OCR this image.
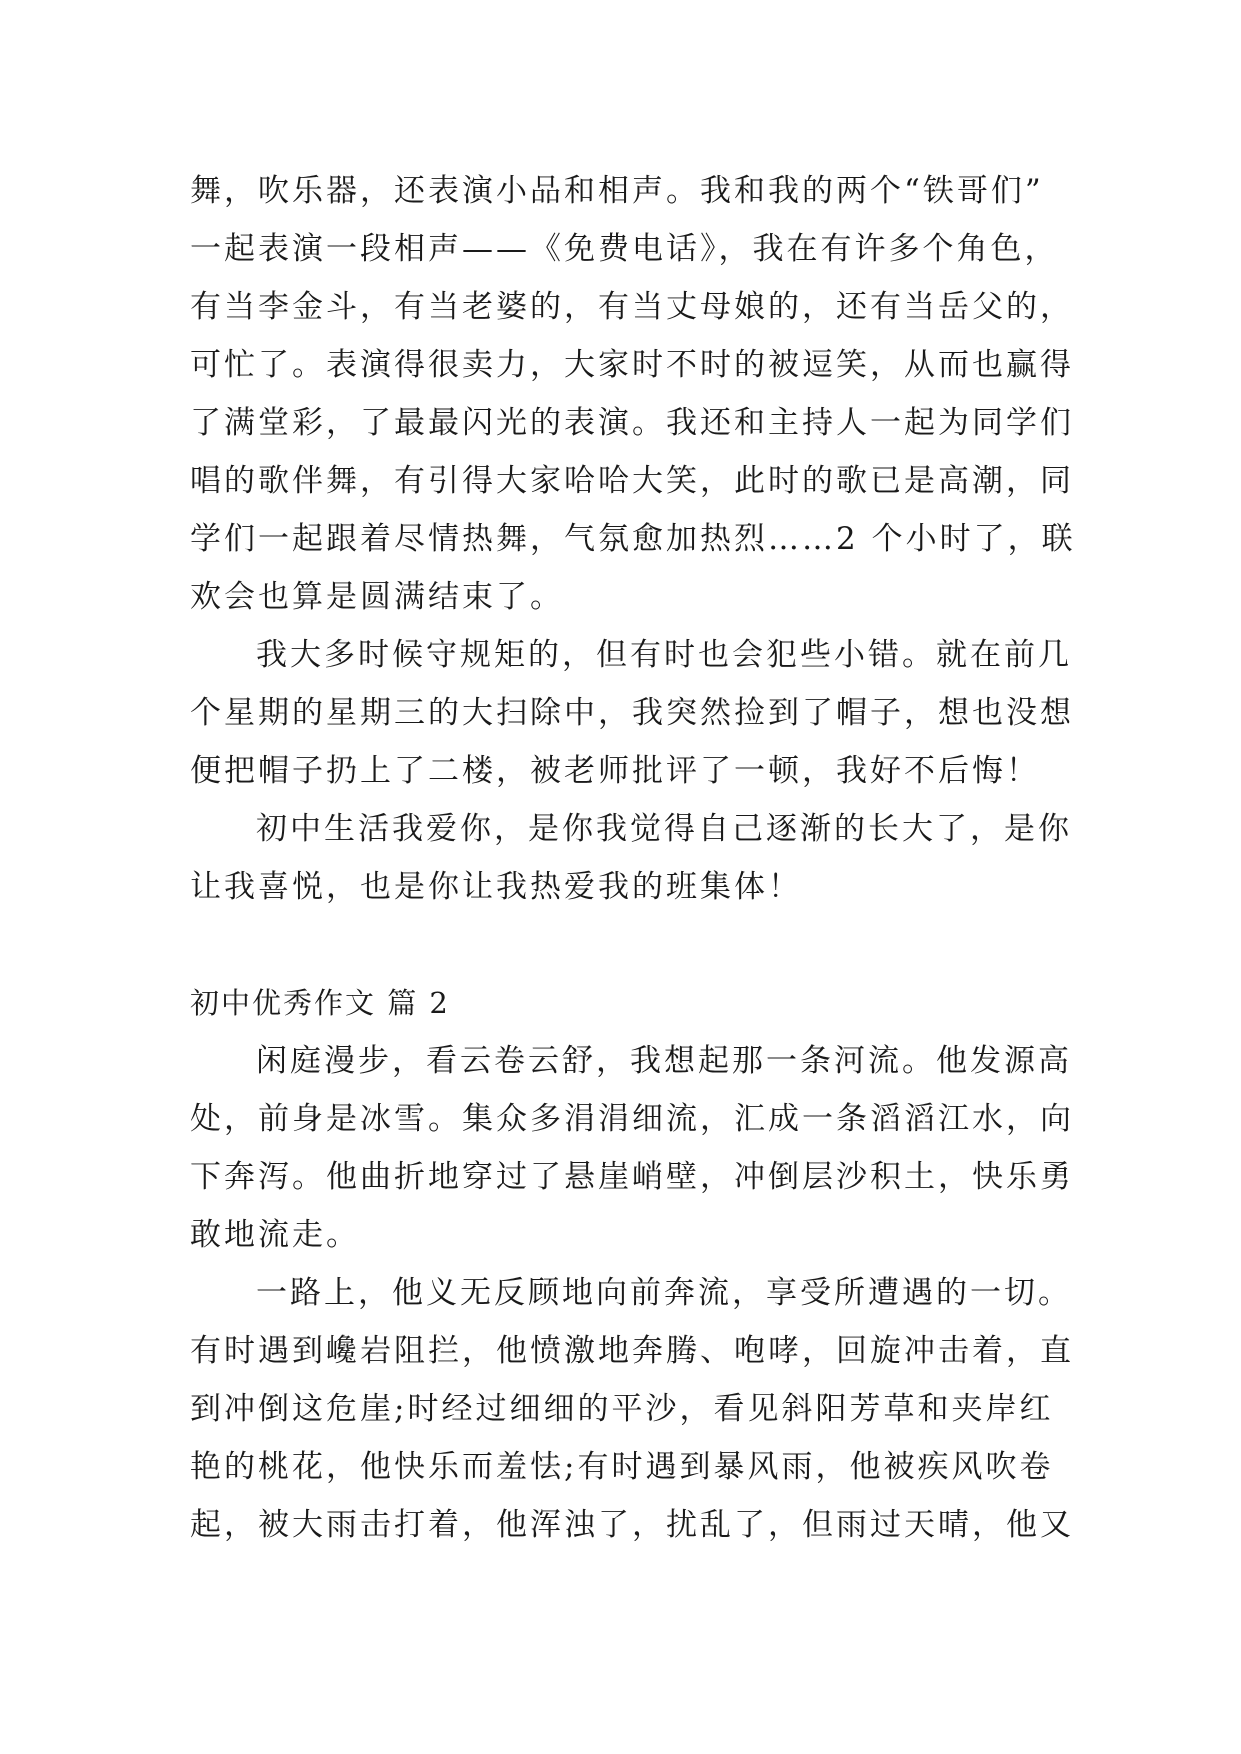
舞，吹乐器，还表演小品和相声。我和我的两个“铁哥们”
一起表演一段相声——《免费电话》，我在有许多个角色，
有当李金斗，有当老婆的，有当丈母娘的，还有当岳父的，
可忙了。表演得很卖力，大家时不时的被逗笑，从而也赢得
了满堂彩，了最最闪光的表演。我还和主持人一起为同学们
唱的歌伴舞，有引得大家哈哈大笑，此时的歌已是高潮，同
学们一起跟着尽情热舞，气氛愈加热烈……2 个小时了，联
欢会也算是圆满结束了。
我大多时候守规矩的，但有时也会犯些小错。就在前几
个星期的星期三的大扫除中，我突然捡到了帽子，想也没想
便把帽子扔上了二楼，被老师批评了一顿，我好不后悔！
初中生活我爱你，是你我觉得自己逐渐的长大了，是你
让我喜悦，也是你让我热爱我的班集体！
初中优秀作文 篇 2
闲庭漫步，看云卷云舒，我想起那一条河流。他发源高
处，前身是冰雪。集众多涓涓细流，汇成一条滔滔江水，向
下奔泻。他曲折地穿过了悬崖峭壁，冲倒层沙积土，快乐勇
敢地流走。
一路上，他义无反顾地向前奔流，享受所遭遇的一切。
有时遇到巉岩阻拦，他愤激地奔腾、咆哮，回旋冲击着，直
到冲倒这危崖;时经过细细的平沙，看见斜阳芳草和夹岸红
艳的桃花，他快乐而羞怯;有时遇到暴风雨，他被疾风吹卷
起，被大雨击打着，他浑浊了，扰乱了，但雨过天晴，他又
